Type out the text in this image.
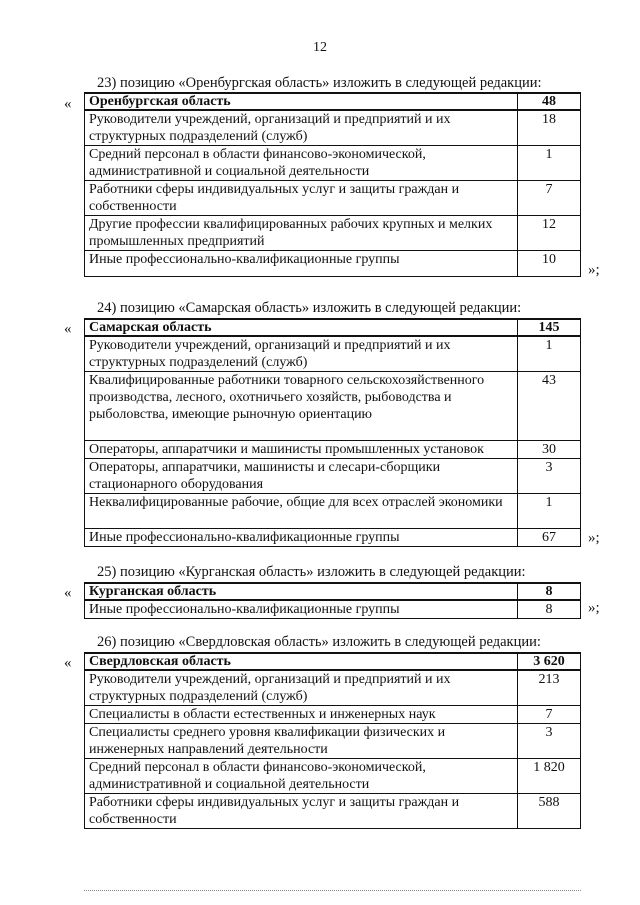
12
23) позицию «Оренбургская область» изложить в следующей редакции:
« Оренбургская область	48
Руководители учреждений, организаций и предприятий и их структурных подразделений (служб)	18
Средний персонал в области финансово-экономической, административной и социальной деятельности	1
Работники сферы индивидуальных услуг и защиты граждан и собственности	7
Другие профессии квалифицированных рабочих крупных и мелких промышленных предприятий	12
Иные профессионально-квалификационные группы	10
»;
24) позицию «Самарская область» изложить в следующей редакции:
« Самарская область	145
Руководители учреждений, организаций и предприятий и их структурных подразделений (служб)	1
Квалифицированные работники товарного сельскохозяйственного производства, лесного, охотничьего хозяйств, рыбоводства и рыболовства, имеющие рыночную ориентацию	43
Операторы, аппаратчики и машинисты промышленных установок	30
Операторы, аппаратчики, машинисты и слесари-сборщики стационарного оборудования	3
Неквалифицированные рабочие, общие для всех отраслей экономики	1
Иные профессионально-квалификационные группы	67 »;
25) позицию «Курганская область» изложить в следующей редакции:
« Курганская область	8
Иные профессионально-квалификационные группы	8 »;
26) позицию «Свердловская область» изложить в следующей редакции:
« Свердловская область	3 620
Руководители учреждений, организаций и предприятий и их структурных подразделений (служб)	213
Специалисты в области естественных и инженерных наук	7
Специалисты среднего уровня квалификации физических и инженерных направлений деятельности	3
Средний персонал в области финансово-экономической, административной и социальной деятельности	1 820
Работники сферы индивидуальных услуг и защиты граждан и собственности	588
